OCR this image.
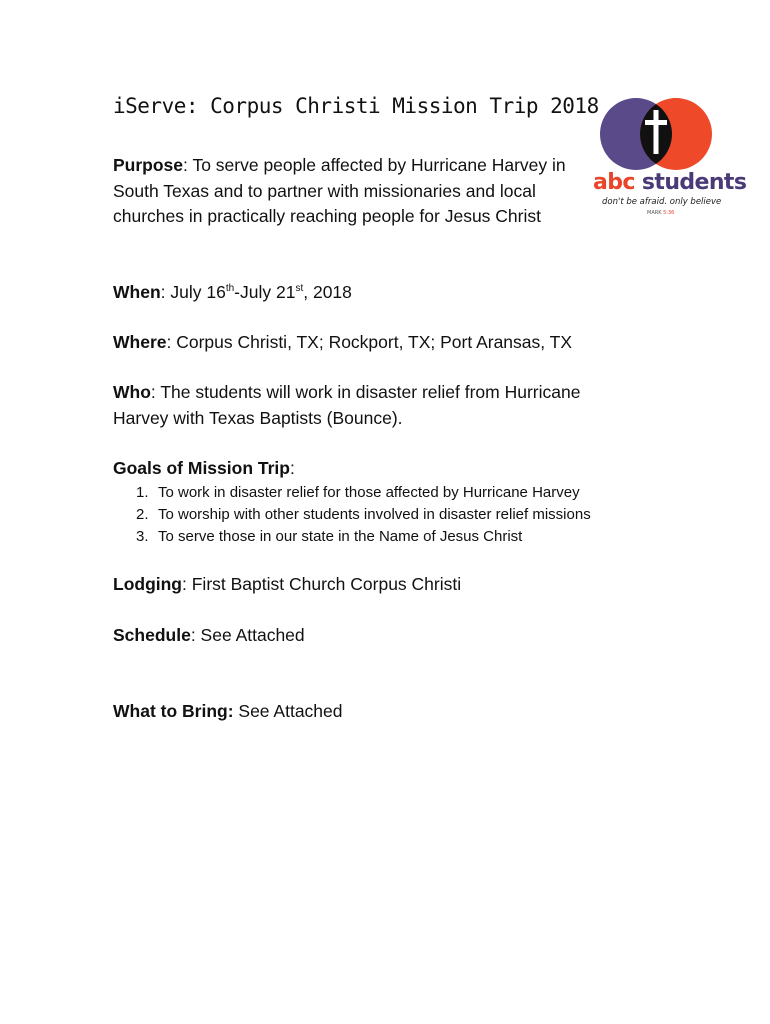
iServe: Corpus Christi Mission Trip 2018
abc students
don't be afraid. only believe
MARK 5:36
Purpose: To serve people affected by Hurricane Harvey in South Texas and to partner with missionaries and local churches in practically reaching people for Jesus Christ
When: July 16th-July 21st, 2018
Where: Corpus Christi, TX; Rockport, TX; Port Aransas, TX
Who: The students will work in disaster relief from Hurricane Harvey with Texas Baptists (Bounce).
Goals of Mission Trip:
1. To work in disaster relief for those affected by Hurricane Harvey
2. To worship with other students involved in disaster relief missions
3. To serve those in our state in the Name of Jesus Christ
Lodging: First Baptist Church Corpus Christi
Schedule: See Attached
What to Bring: See Attached
